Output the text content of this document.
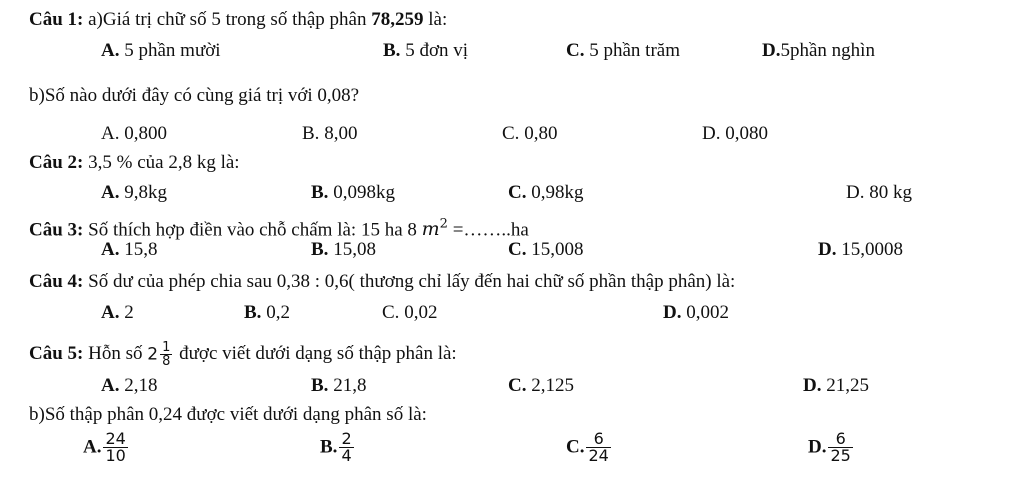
Câu 1: a)Giá trị chữ số 5 trong số thập phân 78,259 là:
A. 5 phần mười	B. 5 đơn vị	C. 5 phần trăm	D.5phần nghìn
b)Số nào dưới đây có cùng giá trị với 0,08?
A. 0,800	B. 8,00	C. 0,80	D. 0,080
Câu 2: 3,5 % của 2,8 kg là:
A. 9,8kg	B. 0,098kg	C. 0,98kg	D. 80 kg
Câu 3: Số thích hợp điền vào chỗ chấm là: 15 ha 8 $m^2$ =……..ha
A. 15,8	B. 15,08	C. 15,008	D. 15,0008
Câu 4: Số dư của phép chia sau 0,38 : 0,6( thương chỉ lấy đến hai chữ số phần thập phân) là:
A. 2	B. 0,2	C. 0,02	D. 0,002
Câu 5: Hỗn số $2 \frac{1}{8}$ được viết dưới dạng số thập phân là:
A. 2,18	B. 21,8	C. 2,125	D. 21,25
b)Số thập phân 0,24 được viết dưới dạng phân số là:
A. $\frac{24}{10}$	B. $\frac{2}{4}$	C. $\frac{6}{24}$	D. $\frac{6}{25}$
